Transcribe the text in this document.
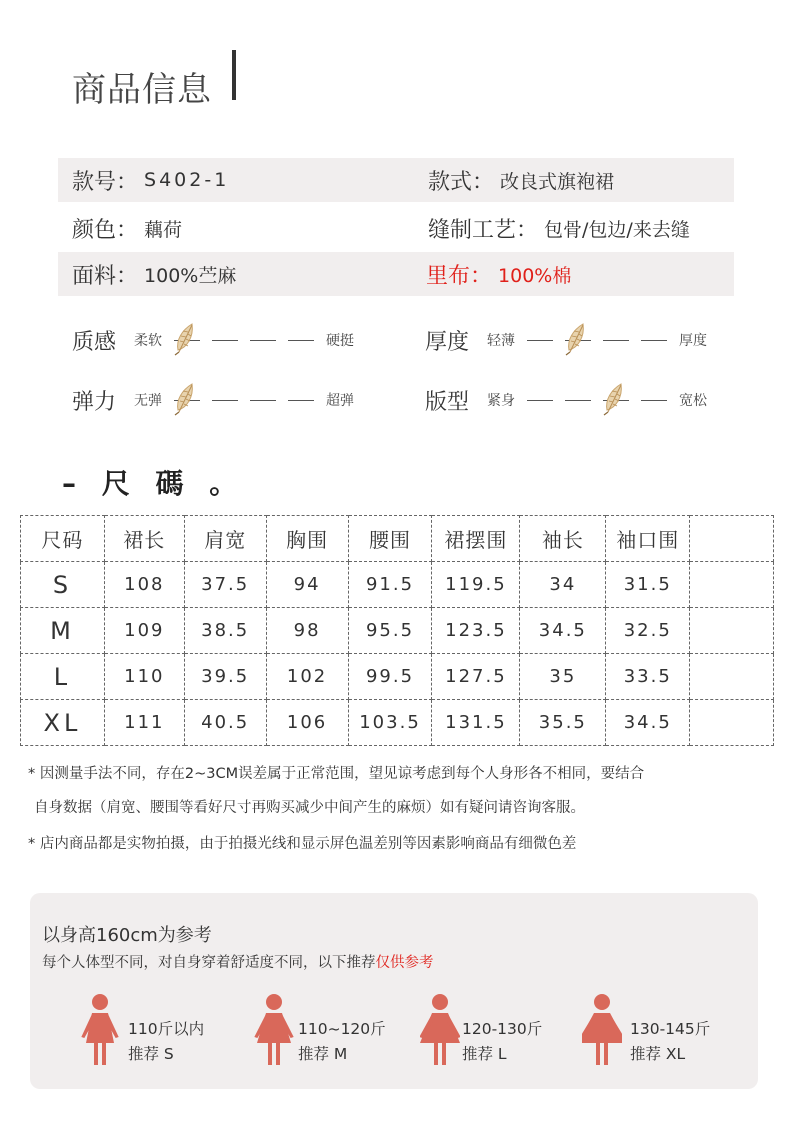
商品信息
款号： S402-1	款式： 改良式旗袍裙
颜色： 藕荷	缝制工艺： 包骨/包边/来去缝
面料： 100%苎麻	里布： 100%棉
质感	柔软	硬挺	厚度	轻薄	厚度
弹力	无弹	超弹	版型	紧身	宽松
– 尺 碼 。
尺码	裙长	肩宽	胸围	腰围	裙摆围	袖长	袖口围	
S	108	37.5	94	91.5	119.5	34	31.5	
M	109	38.5	98	95.5	123.5	34.5	32.5	
L	110	39.5	102	99.5	127.5	35	33.5	
XL	111	40.5	106	103.5	131.5	35.5	34.5	
* 因测量手法不同，存在2~3CM误差属于正常范围，望见谅考虑到每个人身形各不相同，要结合
自身数据（肩宽、腰围等看好尺寸再购买减少中间产生的麻烦）如有疑问请咨询客服。
* 店内商品都是实物拍摄，由于拍摄光线和显示屏色温差别等因素影响商品有细微色差
以身高160cm为参考
每个人体型不同，对自身穿着舒适度不同，以下推荐仅供参考
110斤以内
推荐 S
110~120斤
推荐 M
120-130斤
推荐 L
130-145斤
推荐 XL
